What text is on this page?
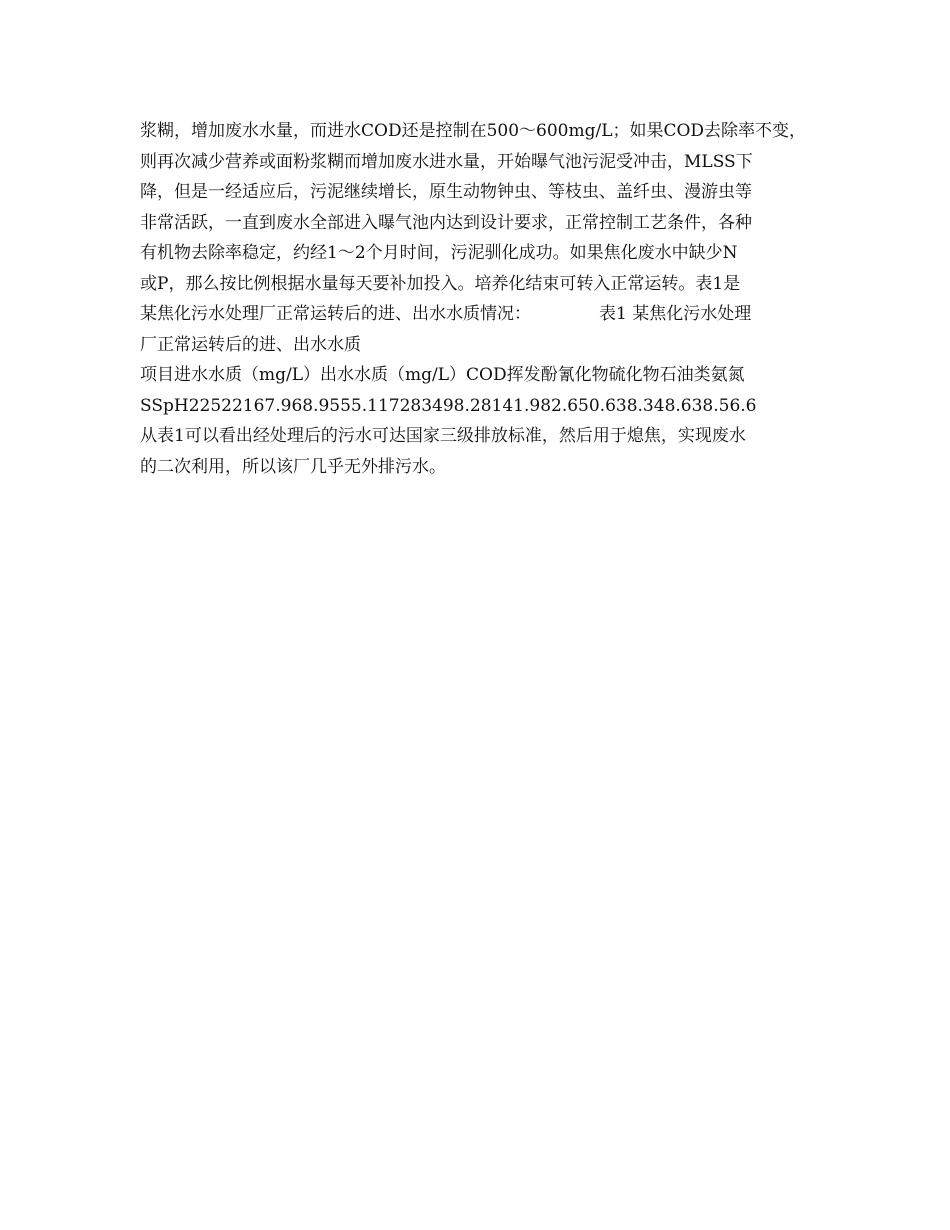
浆糊，增加废水水量，而进水COD还是控制在500～600mg/L；如果COD去除率不变，
则再次减少营养或面粉浆糊而增加废水进水量，开始曝气池污泥受冲击，MLSS下
降，但是一经适应后，污泥继续增长，原生动物钟虫、等枝虫、盖纤虫、漫游虫等
非常活跃，一直到废水全部进入曝气池内达到设计要求，正常控制工艺条件，各种
有机物去除率稳定，约经1～2个月时间，污泥驯化成功。如果焦化废水中缺少N
或P，那么按比例根据水量每天要补加投入。培养化结束可转入正常运转。表1是
某焦化污水处理厂正常运转后的进、出水水质情况：	表1 某焦化污水处理
厂正常运转后的进、出水水质
项目进水水质（mg/L）出水水质（mg/L）COD挥发酚氰化物硫化物石油类氨氮
SSpH22522167.968.9555.117283498.28141.982.650.638.348.638.56.6
从表1可以看出经处理后的污水可达国家三级排放标准，然后用于熄焦，实现废水
的二次利用，所以该厂几乎无外排污水。
